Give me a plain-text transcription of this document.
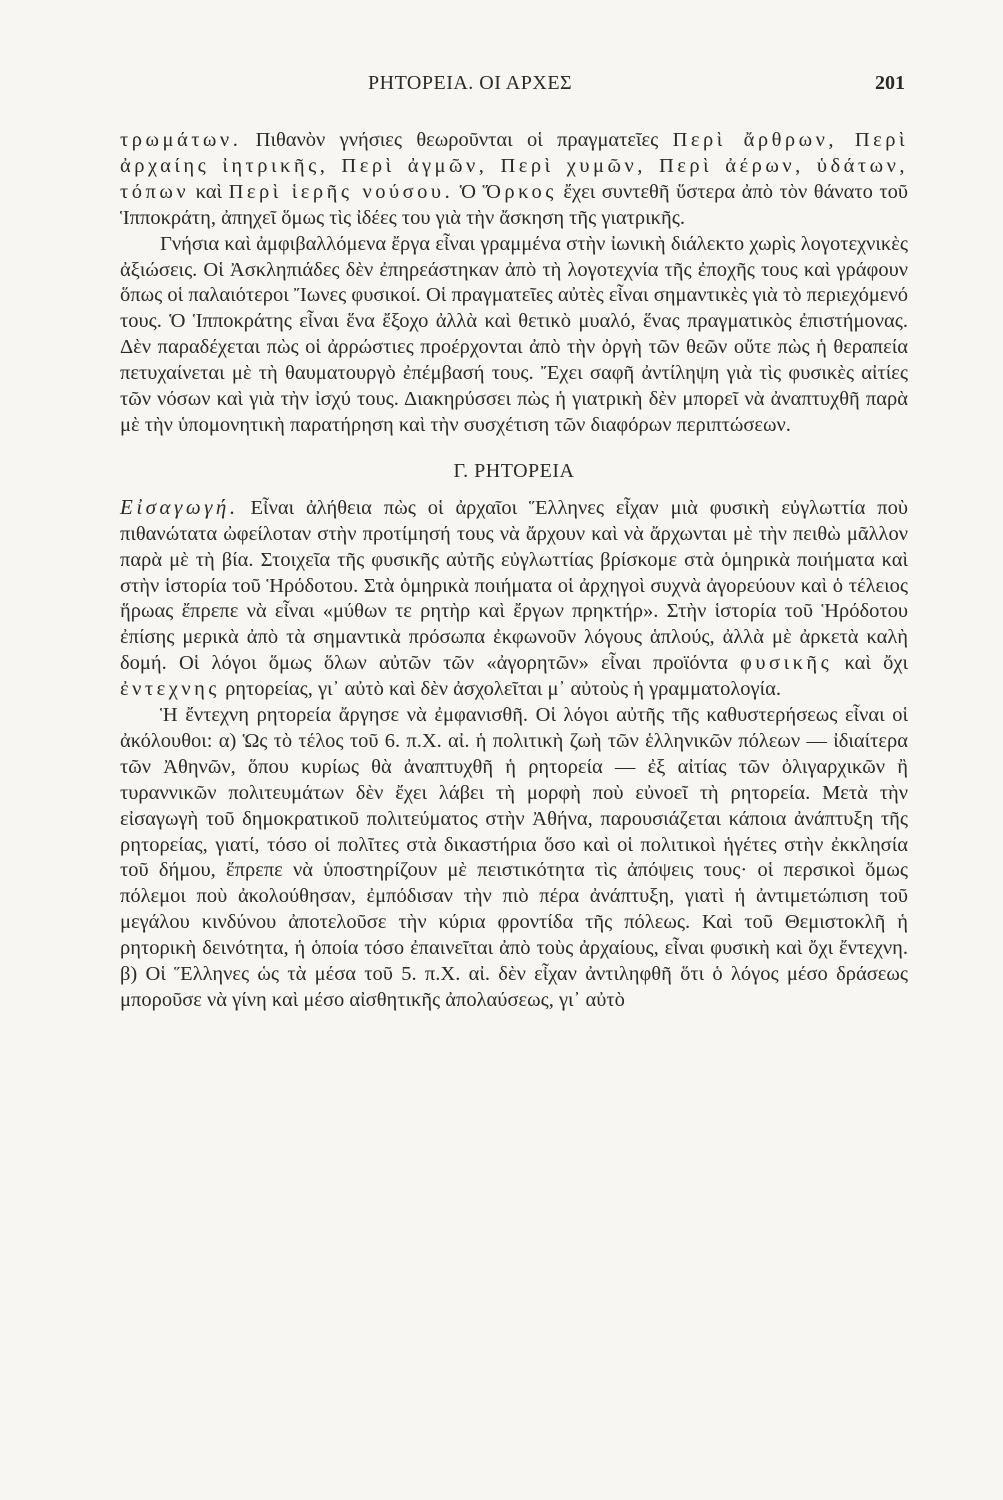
ΡΗΤΟΡΕΙΑ. ΟΙ ΑΡΧΕΣ	201

τρωμάτων. Πιθανὸν γνήσιες θεωροῦνται οἱ πραγματεῖες Περὶ ἄρθρων, Περὶ ἀρχαίης ἰητρικῆς, Περὶ ἀγμῶν, Περὶ χυμῶν, Περὶ ἀέρων, ὑδάτων, τόπων καὶ Περὶ ἱερῆς νούσου. Ὁ Ὅρκος ἔχει συντεθῆ ὕστερα ἀπὸ τὸν θάνατο τοῦ Ἱπποκράτη, ἀπηχεῖ ὅμως τὶς ἰδέες του γιὰ τὴν ἄσκηση τῆς γιατρικῆς.

Γνήσια καὶ ἀμφιβαλλόμενα ἔργα εἶναι γραμμένα στὴν ἰωνικὴ διάλεκτο χωρὶς λογοτεχνικὲς ἀξιώσεις. Οἱ Ἀσκληπιάδες δὲν ἐπηρεάστηκαν ἀπὸ τὴ λογοτεχνία τῆς ἐποχῆς τους καὶ γράφουν ὅπως οἱ παλαιότεροι Ἴωνες φυσικοί. Οἱ πραγματεῖες αὐτὲς εἶναι σημαντικὲς γιὰ τὸ περιεχόμενό τους. Ὁ Ἱπποκράτης εἶναι ἕνα ἔξοχο ἀλλὰ καὶ θετικὸ μυαλό, ἕνας πραγματικὸς ἐπιστήμονας. Δὲν παραδέχεται πὼς οἱ ἀρρώστιες προέρχονται ἀπὸ τὴν ὀργὴ τῶν θεῶν οὔτε πὼς ἡ θεραπεία πετυχαίνεται μὲ τὴ θαυματουργὸ ἐπέμβασή τους. Ἔχει σαφῆ ἀντίληψη γιὰ τὶς φυσικὲς αἰτίες τῶν νόσων καὶ γιὰ τὴν ἰσχύ τους. Διακηρύσσει πὼς ἡ γιατρικὴ δὲν μπορεῖ νὰ ἀναπτυχθῆ παρὰ μὲ τὴν ὑπομονητικὴ παρατήρηση καὶ τὴν συσχέτιση τῶν διαφόρων περιπτώσεων.

Γ. ΡΗΤΟΡΕΙΑ

Εἰσαγωγή. Εἶναι ἀλήθεια πὼς οἱ ἀρχαῖοι Ἕλληνες εἶχαν μιὰ φυσικὴ εὐγλωττία ποὺ πιθανώτατα ὠφείλοταν στὴν προτίμησή τους νὰ ἄρχουν καὶ νὰ ἄρχωνται μὲ τὴν πειθὼ μᾶλλον παρὰ μὲ τὴ βία. Στοιχεῖα τῆς φυσικῆς αὐτῆς εὐγλωττίας βρίσκομε στὰ ὁμηρικὰ ποιήματα καὶ στὴν ἱστορία τοῦ Ἡρόδοτου. Στὰ ὁμηρικὰ ποιήματα οἱ ἀρχηγοὶ συχνὰ ἀγορεύουν καὶ ὁ τέλειος ἥρωας ἔπρεπε νὰ εἶναι «μύθων τε ρητὴρ καὶ ἔργων πρηκτήρ». Στὴν ἱστορία τοῦ Ἡρόδοτου ἐπίσης μερικὰ ἀπὸ τὰ σημαντικὰ πρόσωπα ἐκφωνοῦν λόγους ἁπλούς, ἀλλὰ μὲ ἀρκετὰ καλὴ δομή. Οἱ λόγοι ὅμως ὅλων αὐτῶν τῶν «ἀγορητῶν» εἶναι προϊόντα φυσικῆς καὶ ὄχι ἐντεχνης ρητορείας, γι᾽ αὐτὸ καὶ δὲν ἀσχολεῖται μ᾽ αὐτοὺς ἡ γραμματολογία.

Ἡ ἔντεχνη ρητορεία ἄργησε νὰ ἐμφανισθῆ. Οἱ λόγοι αὐτῆς τῆς καθυστερήσεως εἶναι οἱ ἀκόλουθοι: α) Ὡς τὸ τέλος τοῦ 6. π.Χ. αἰ. ἡ πολιτικὴ ζωὴ τῶν ἑλληνικῶν πόλεων — ἰδιαίτερα τῶν Ἀθηνῶν, ὅπου κυρίως θὰ ἀναπτυχθῆ ἡ ρητορεία — ἐξ αἰτίας τῶν ὀλιγαρχικῶν ἢ τυραννικῶν πολιτευμάτων δὲν ἔχει λάβει τὴ μορφὴ ποὺ εὐνοεῖ τὴ ρητορεία. Μετὰ τὴν εἰσαγωγὴ τοῦ δημοκρατικοῦ πολιτεύματος στὴν Ἀθήνα, παρουσιάζεται κάποια ἀνάπτυξη τῆς ρητορείας, γιατί, τόσο οἱ πολῖτες στὰ δικαστήρια ὅσο καὶ οἱ πολιτικοὶ ἡγέτες στὴν ἐκκλησία τοῦ δήμου, ἔπρεπε νὰ ὑποστηρίζουν μὲ πειστικότητα τὶς ἀπόψεις τους· οἱ περσικοὶ ὅμως πόλεμοι ποὺ ἀκολούθησαν, ἐμπόδισαν τὴν πιὸ πέρα ἀνάπτυξη, γιατὶ ἡ ἀντιμετώπιση τοῦ μεγάλου κινδύνου ἀποτελοῦσε τὴν κύρια φροντίδα τῆς πόλεως. Καὶ τοῦ Θεμιστοκλῆ ἡ ρητορικὴ δεινότητα, ἡ ὁποία τόσο ἐπαινεῖται ἀπὸ τοὺς ἀρχαίους, εἶναι φυσικὴ καὶ ὄχι ἔντεχνη. β) Οἱ Ἕλληνες ὡς τὰ μέσα τοῦ 5. π.Χ. αἰ. δὲν εἶχαν ἀντιληφθῆ ὅτι ὁ λόγος μέσο δράσεως μποροῦσε νὰ γίνη καὶ μέσο αἰσθητικῆς ἀπολαύσεως, γι᾽ αὐτὸ
